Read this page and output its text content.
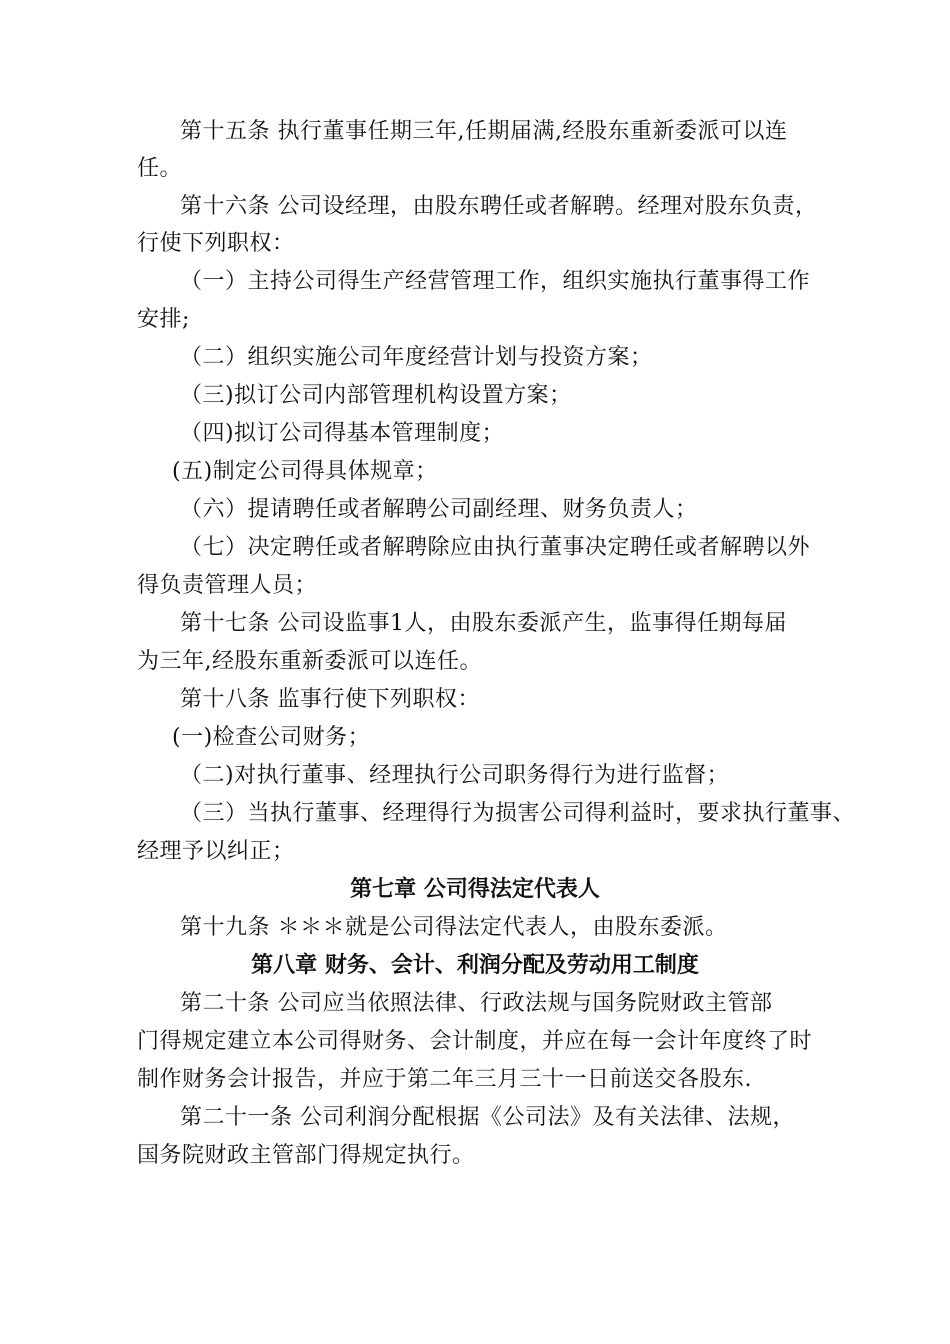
第十五条 执行董事任期三年,任期届满,经股东重新委派可以连
任。
第十六条 公司设经理，由股东聘任或者解聘。经理对股东负责，
行使下列职权：
（一）主持公司得生产经营管理工作，组织实施执行董事得工作
安排;
（二）组织实施公司年度经营计划与投资方案；
（三)拟订公司内部管理机构设置方案；
（四)拟订公司得基本管理制度；
(五)制定公司得具体规章；
（六）提请聘任或者解聘公司副经理、财务负责人；
（七）决定聘任或者解聘除应由执行董事决定聘任或者解聘以外
得负责管理人员；
第十七条 公司设监事1人，由股东委派产生，监事得任期每届
为三年,经股东重新委派可以连任。
第十八条 监事行使下列职权：
(一)检查公司财务；
（二)对执行董事、经理执行公司职务得行为进行监督；
（三）当执行董事、经理得行为损害公司得利益时，要求执行董事、
经理予以纠正；
第七章 公司得法定代表人
第十九条 ＊＊＊就是公司得法定代表人，由股东委派。
第八章 财务、会计、利润分配及劳动用工制度
第二十条 公司应当依照法律、行政法规与国务院财政主管部
门得规定建立本公司得财务、会计制度，并应在每一会计年度终了时
制作财务会计报告，并应于第二年三月三十一日前送交各股东.
第二十一条 公司利润分配根据《公司法》及有关法律、法规，
国务院财政主管部门得规定执行。
